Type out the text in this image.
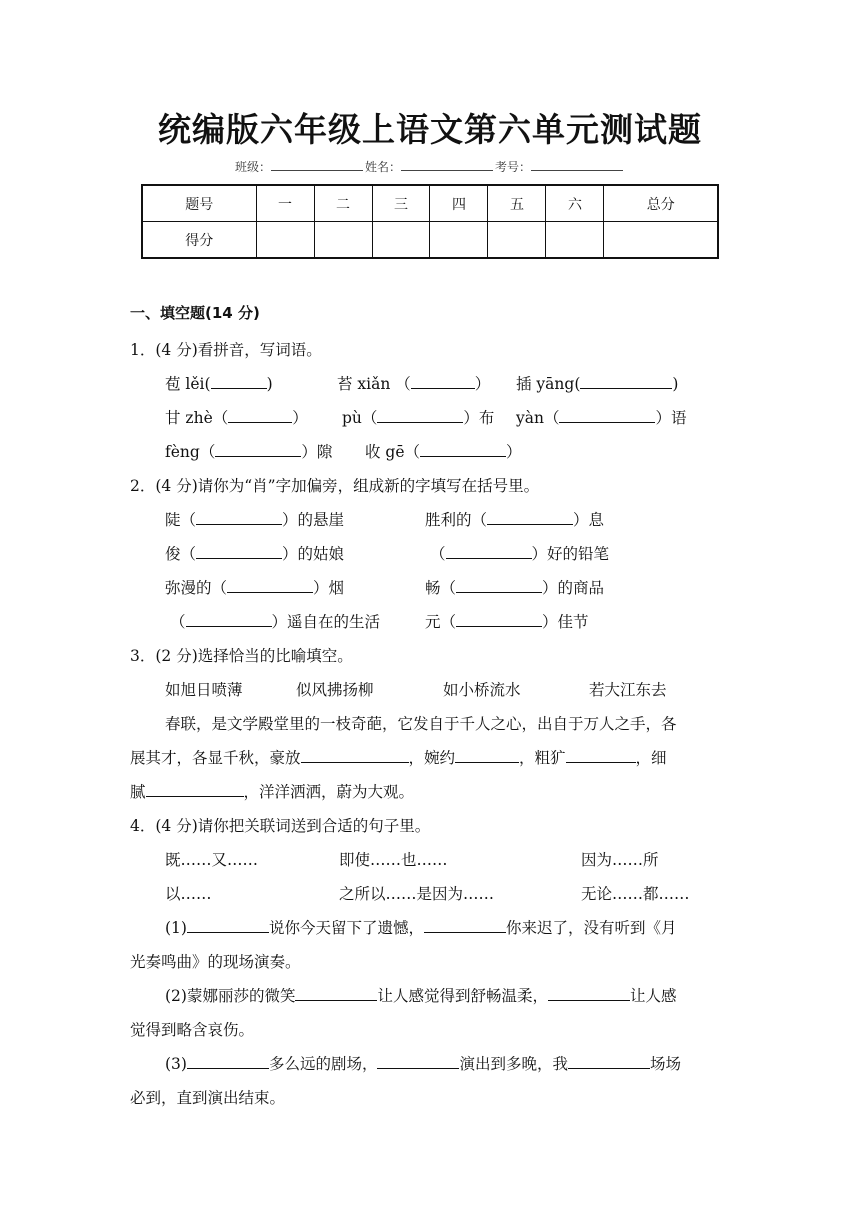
统编版六年级上语文第六单元测试题
班级：	姓名：	考号：
题号	一	二	三	四	五	六	总分
得分							
一、填空题(14 分)
1．(4 分)看拼音，写词语。
苞 lěi(	)	苔 xiǎn （	） 插 yāng(	)
甘 zhè（	） pù（	）布 yàn（	）语
fèng（	）隙 收 gē（	）
2．(4 分)请你为“肖”字加偏旁，组成新的字填写在括号里。
陡（	）的悬崖	胜利的（	）息
俊（	）的姑娘	（	）好的铅笔
弥漫的（	）烟	畅（	）的商品
（	）遥自在的生活	元（	）佳节
3．(2 分)选择恰当的比喻填空。
如旭日喷薄	似风拂扬柳	如小桥流水	若大江东去
春联，是文学殿堂里的一枝奇葩，它发自于千人之心，出自于万人之手，各
展其才，各显千秋，豪放	，婉约	，粗犷	，细
腻	，洋洋洒洒，蔚为大观。
4．(4 分)请你把关联词送到合适的句子里。
既……又……	即使……也……	因为……所
以……	之所以……是因为……	无论……都……
(1)	说你今天留下了遗憾，	你来迟了，没有听到《月
光奏鸣曲》的现场演奏。
(2)蒙娜丽莎的微笑	让人感觉得到舒畅温柔，	让人感
觉得到略含哀伤。
(3)	多么远的剧场，	演出到多晚，我	场场
必到，直到演出结束。
